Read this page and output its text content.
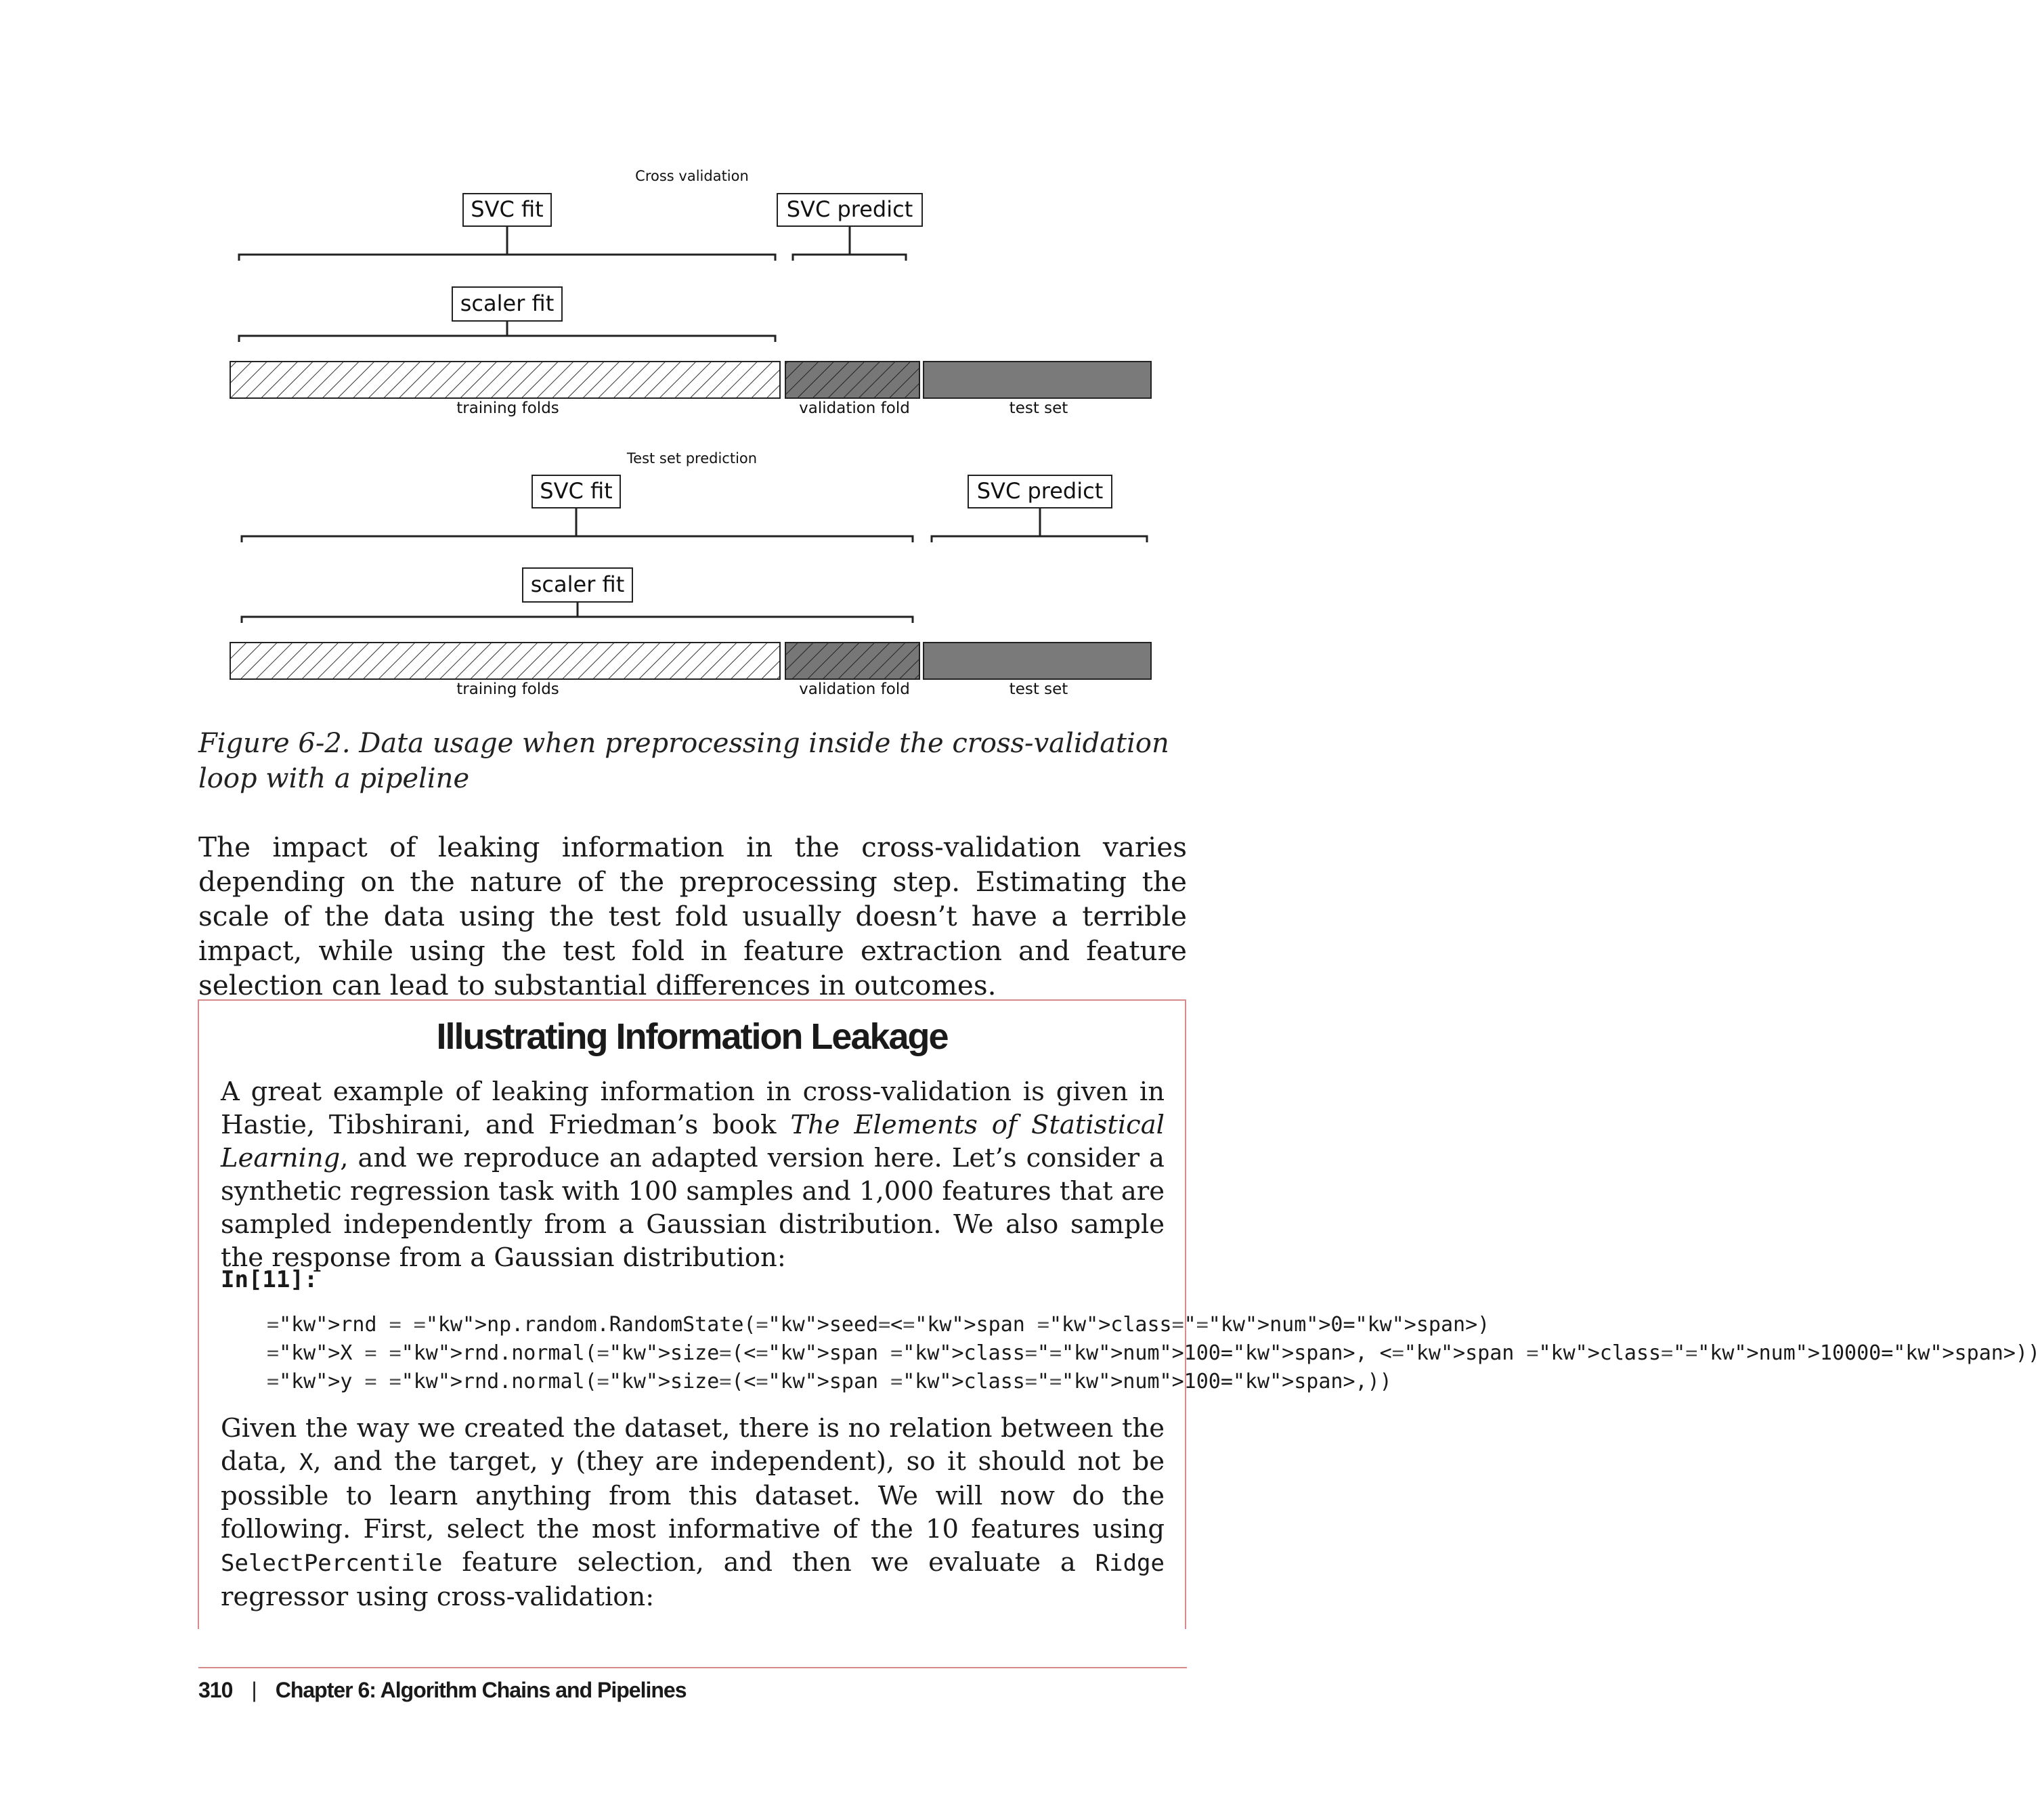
Cross validation
SVC fit	SVC predict
scaler fit
training folds	validation fold	test set
Test set prediction
SVC fit	SVC predict
scaler fit
training folds	validation fold	test set
Figure 6-2. Data usage when preprocessing inside the cross-validation loop with a pipeline
The impact of leaking information in the cross-validation varies depending on the nature of the preprocessing step. Estimating the scale of the data using the test fold usually doesn’t have a terrible impact, while using the test fold in feature extraction and feature selection can lead to substantial differences in outcomes.
Illustrating Information Leakage
A great example of leaking information in cross-validation is given in Hastie, Tibshirani, and Friedman’s book The Elements of Statistical Learning, and we reproduce an adapted version here. Let’s consider a synthetic regression task with 100 samples and 1,000 features that are sampled independently from a Gaussian distribution. We also sample the response from a Gaussian distribution:
In[11]:
="kw">rnd = ="kw">np.random.RandomState(="kw">seed=<="kw">span ="kw">class="="kw">num">0="kw">span>)
="kw">X = ="kw">rnd.normal(="kw">size=(<="kw">span ="kw">class="="kw">num">100="kw">span>, <="kw">span ="kw">class="="kw">num">10000="kw">span>))
="kw">y = ="kw">rnd.normal(="kw">size=(<="kw">span ="kw">class="="kw">num">100="kw">span>,))
Given the way we created the dataset, there is no relation between the data, X, and the target, y (they are independent), so it should not be possible to learn anything from this dataset. We will now do the following. First, select the most informative of the 10 features using SelectPercentile feature selection, and then we evaluate a Ridge regressor using cross-validation:
310 | Chapter 6: Algorithm Chains and Pipelines
